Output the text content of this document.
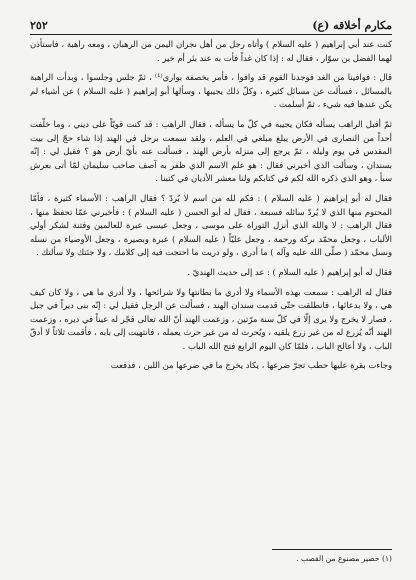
مكارم أخلاقه (ع)
٢٥٢

كنت عند أبي إبراهيم ( عليه السلام ) وأتاه رجل من أهل نجران اليمن من الرهبان ، ومعه راهبة ، فاستأذن لهما الفضل بن سوّار ، فقال له : إذا كان غداً فأت به عند بئر أم خير .

قال : فوافينا من الغد فوجدنا القوم قد وافوا ، فأمر بخصفة بواري⁽¹⁾ ، ثمّ جلس وجلسوا ، وبدأت الراهبة بالمسائل ، فسألت عن مسائل كثيرة ، وكلّ ذلك يجيبها ، وسألها أبو إبراهيم ( عليه السلام ) عن أشياء لم يكن عندها فيه شيء ، ثمّ أسلمت .

ثمّ أقبل الراهب يسأله فكان يجيبه في كلّ ما يسأله ، فقال الراهب : قد كنت قويّاً على ديني ، وما خلّفت أحداً من النصارى في الأرض يبلغ مبلغي في العلم ، ولقد سمعت برجل في الهند إذا شاء حجّ إلى بيت المقدس في يوم وليلة ، ثمّ يرجع إلى منزله بأرض الهند ، فسألت عنه بأيّ أرض هو ؟ فقيل لي : إنّه بسندان ، وسألت الذي أخبرني فقال : هو علم الاسم الذي ظفر به آصف صاحب سليمان لمّا أتى بعرش سبأ ، وهو الذي ذكره الله لكم في كتابكم ولنا معشر الأديان في كتبنا .

فقال له أبو إبراهيم ( عليه السلام ) : فكم لله من اسم لا يُردّ ؟ فقال الراهب : الأسماء كثيرة ، فأمّا المحتوم منها الذي لا يُردّ سائله فسبعة ، فقال له أبو الحسن ( عليه السلام ) : فأخبرني عمّا تحفظ منها ، فقال الراهب : لا والله الذي أنزل التوراة على موسى ، وجعل عيسى عبرة للعالمين وفتنة لشكر أولي الألباب ، وجعل محمّد بركة ورحمة ، وجعل عليّاً ( عليه السلام ) عبرة وبصيرة ، وجعل الأوصياء من نسله ونسل محمّد ( صلّى الله عليه وآله ) ما أدري ، ولو دريت ما احتجت فيه إلى كلامك ، ولا جئتك ولا سألتك .

فقال له أبو إبراهيم ( عليه السلام ) : عد إلى حديث الهنديّ .

فقال له الراهب : سمعت بهذه الأسماء ولا أدري ما بطانتها ولا شرائحها ، ولا أدري ما هي ، ولا كان كيف هي ، ولا بدعائها ، فانطلقت حتّى قدمت سندان الهند ، فسألت عن الرجل فقيل لي : إنّه بنى ديراً في جبل ، فصار لا يخرج ولا يرى إلّا في كلّ سنة مرّتين ، وزعمت الهند أنّ الله تعالى فجّر له عيناً في ديره ، وزعمت الهند أنّه يُزرع له من غير زرع يلقيه ، ويُحرث له من غير حرث يعمله ، فانتهيت إلى بابه ، فأقمت ثلاثاً لا أدقّ الباب ، ولا أعالج الباب ، فلمّا كان اليوم الرابع فتح الله الباب .

وجاءت بقرة عليها حطب تجرّ ضرعها ، يكاد يخرج ما في ضرعها من اللبن ، فدفعت

(١) حصير مصنوع من القصب .
